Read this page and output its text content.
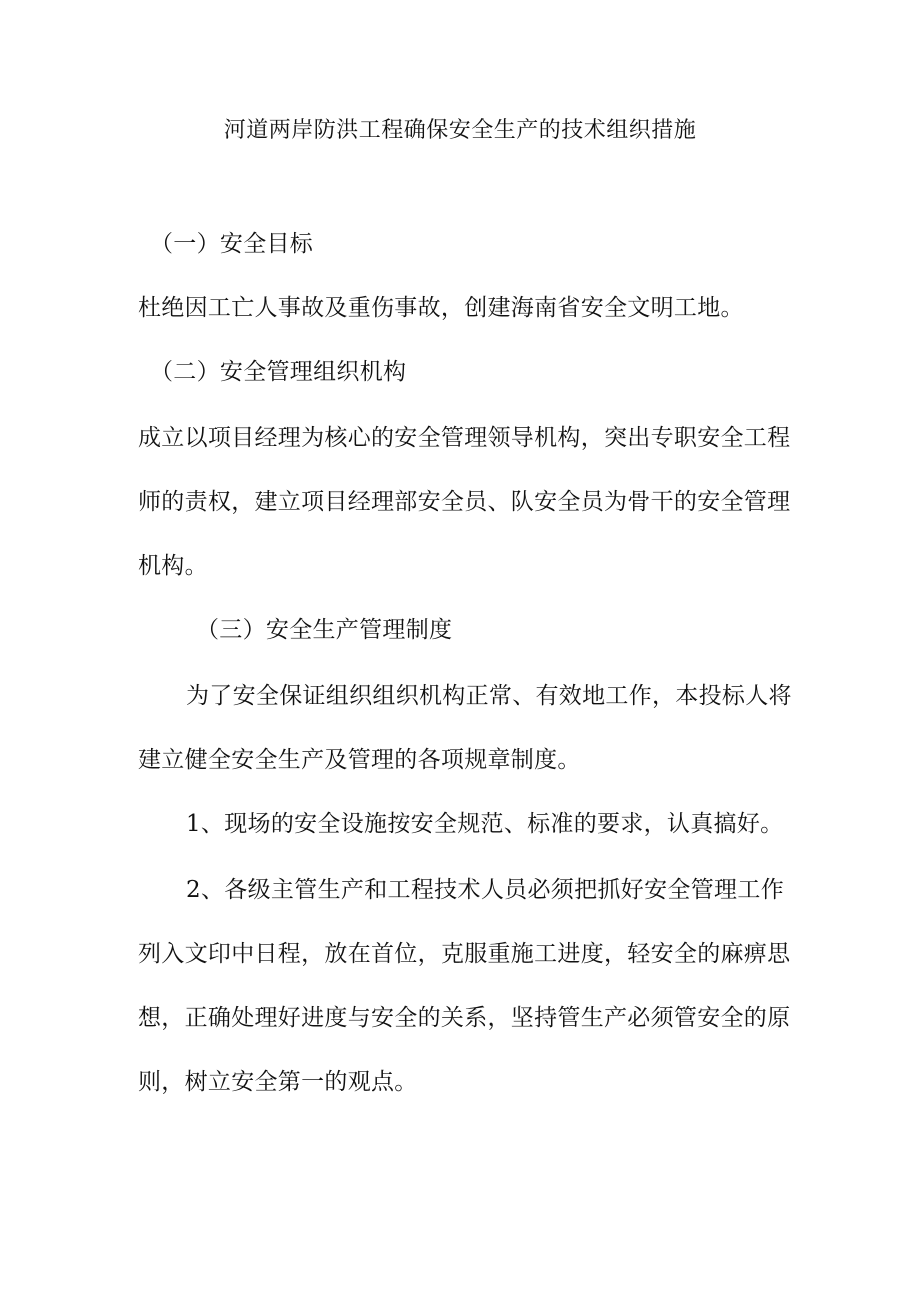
河道两岸防洪工程确保安全生产的技术组织措施
（一）安全目标
杜绝因工亡人事故及重伤事故，创建海南省安全文明工地。
（二）安全管理组织机构
成立以项目经理为核心的安全管理领导机构，突出专职安全工程
师的责权，建立项目经理部安全员、队安全员为骨干的安全管理
机构。
（三）安全生产管理制度
为了安全保证组织组织机构正常、有效地工作，本投标人将
建立健全安全生产及管理的各项规章制度。
1、现场的安全设施按安全规范、标准的要求，认真搞好。
2、各级主管生产和工程技术人员必须把抓好安全管理工作
列入文印中日程，放在首位，克服重施工进度，轻安全的麻痹思
想，正确处理好进度与安全的关系，坚持管生产必须管安全的原
则，树立安全第一的观点。
